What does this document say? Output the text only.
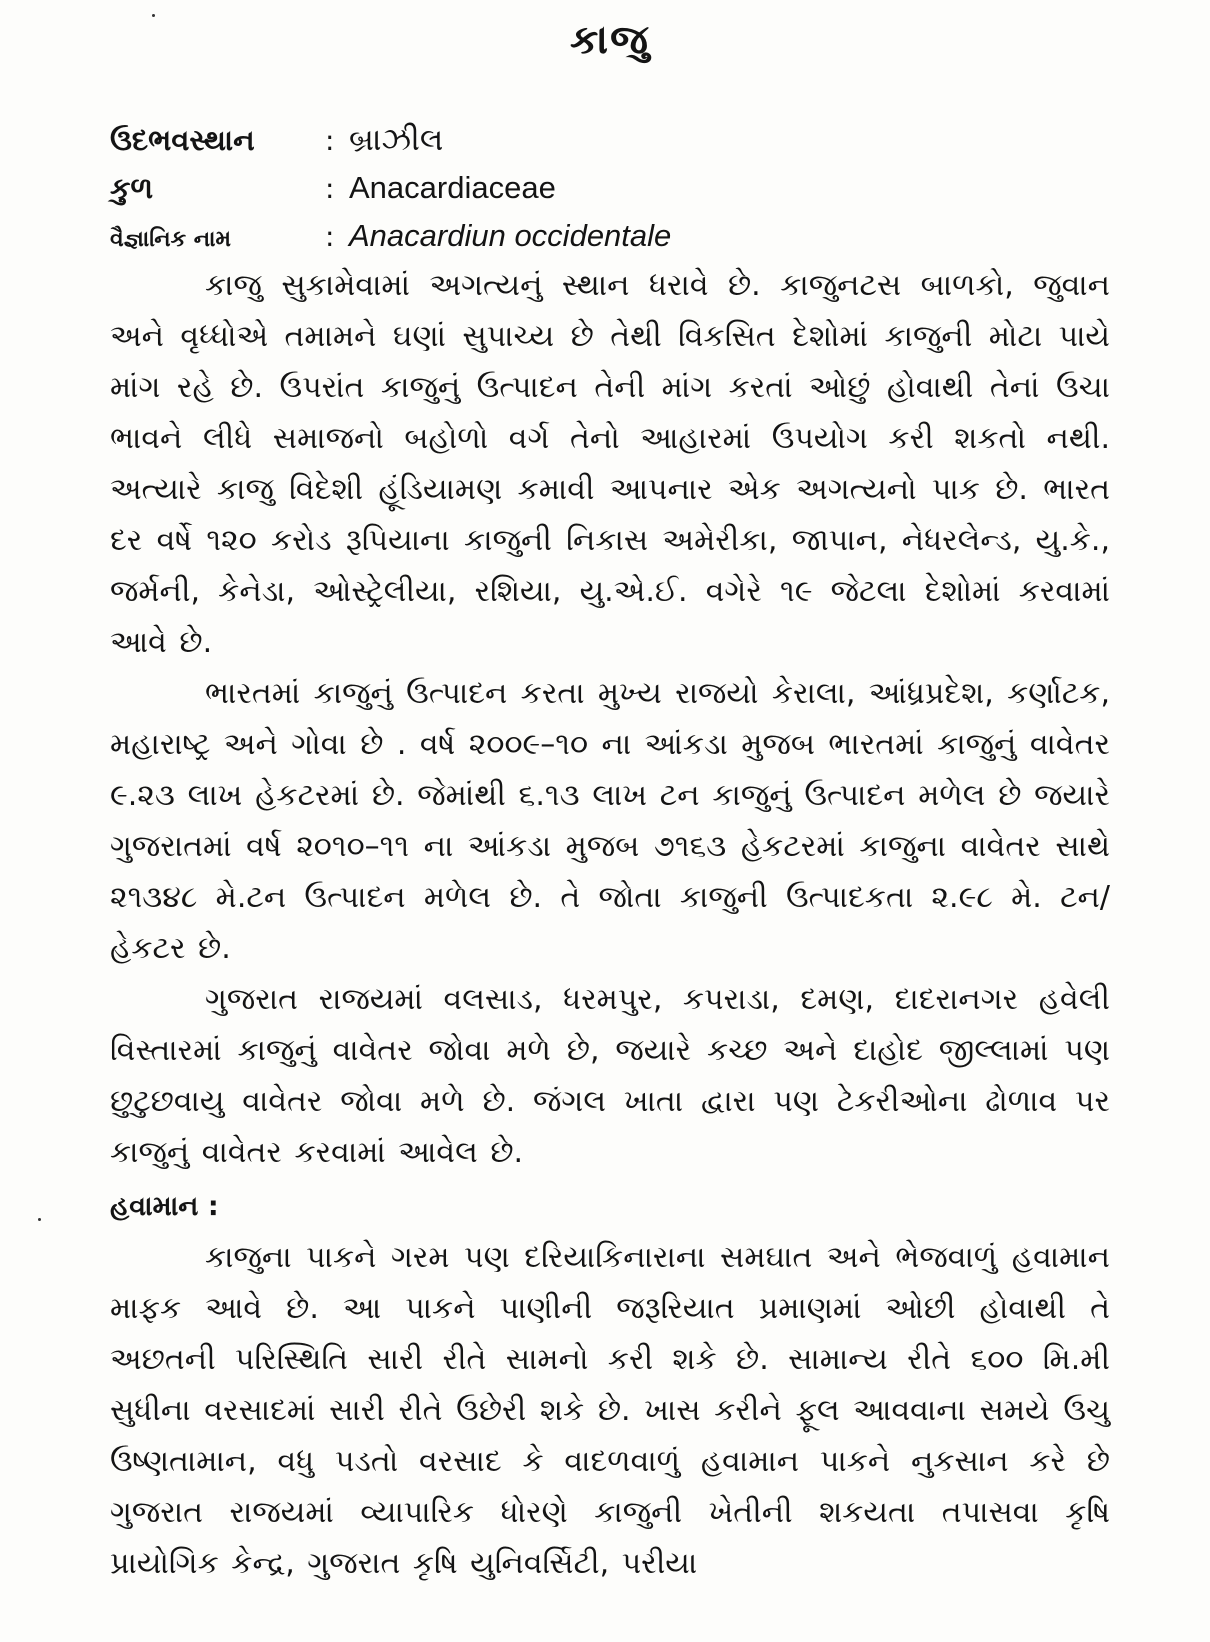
કાજુ
ઉદભવસ્થાન	: બ્રાઝીલ
કુળ	: Anacardiaceae
વૈજ્ઞાનિક નામ	: Anacardiun occidentale

કાજુ સુકામેવામાં અગત્યનું સ્થાન ધરાવે છે. કાજુનટસ બાળકો, જુવાન અને વૃધ્ધોએ તમામને ઘણાં સુપાચ્ય છે તેથી વિકસિત દેશોમાં કાજુની મોટા પાયે માંગ રહે છે. ઉપરાંત કાજુનું ઉત્પાદન તેની માંગ કરતાં ઓછું હોવાથી તેનાં ઉચા ભાવને લીધે સમાજનો બહોળો વર્ગ તેનો આહારમાં ઉપયોગ કરી શકતો નથી. અત્યારે કાજુ વિદેશી હૂંડિયામણ કમાવી આપનાર એક અગત્યનો પાક છે. ભારત દર વર્ષે ૧૨૦ કરોડ રૂપિયાના કાજુની નિકાસ અમેરીકા, જાપાન, નેધરલેન્ડ, યુ.કે., જર્મની, કેનેડા, ઓસ્ટ્રેલીયા, રશિયા, યુ.એ.ઈ. વગેરે ૧૯ જેટલા દેશોમાં કરવામાં આવે છે.

ભારતમાં કાજુનું ઉત્પાદન કરતા મુખ્ય રાજયો કેરાલા, આંધ્રપ્રદેશ, કર્ણાટક, મહારાષ્ટ્ર અને ગોવા છે . વર્ષ ૨૦૦૯–૧૦ ના આંકડા મુજબ ભારતમાં કાજુનું વાવેતર ૯.૨૩ લાખ હેકટરમાં છે. જેમાંથી ૬.૧૩ લાખ ટન કાજુનું ઉત્પાદન મળેલ છે જયારે ગુજરાતમાં વર્ષ ૨૦૧૦–૧૧ ના આંકડા મુજબ ૭૧૬૩ હેકટરમાં કાજુના વાવેતર સાથે ૨૧૩૪૮ મે.ટન ઉત્પાદન મળેલ છે. તે જોતા કાજુની ઉત્પાદકતા ૨.૯૮ મે. ટન/હેકટર છે.

ગુજરાત રાજયમાં વલસાડ, ધરમપુર, કપરાડા, દમણ, દાદરાનગર હવેલી વિસ્તારમાં કાજુનું વાવેતર જોવા મળે છે, જયારે કચ્છ અને દાહોદ જીલ્લામાં પણ છુટુછવાયુ વાવેતર જોવા મળે છે. જંગલ ખાતા દ્વારા પણ ટેકરીઓના ઢોળાવ પર કાજુનું વાવેતર કરવામાં આવેલ છે.

હવામાન :

કાજુના પાકને ગરમ પણ દરિયાકિનારાના સમઘાત અને ભેજવાળું હવામાન માફક આવે છે. આ પાકને પાણીની જરૂરિયાત પ્રમાણમાં ઓછી હોવાથી તે અછતની પરિસ્થિતિ સારી રીતે સામનો કરી શકે છે. સામાન્ય રીતે ૬૦૦ મિ.મી સુધીના વરસાદમાં સારી રીતે ઉછેરી શકે છે. ખાસ કરીને ફૂલ આવવાના સમયે ઉચુ ઉષ્ણતામાન, વધુ પડતો વરસાદ કે વાદળવાળું હવામાન પાકને નુકસાન કરે છે ગુજરાત રાજયમાં વ્યાપારિક ધોરણે કાજુની ખેતીની શકયતા તપાસવા કૃષિ પ્રાયોગિક કેન્દ્ર, ગુજરાત કૃષિ યુનિવર્સિટી, પરીયા
